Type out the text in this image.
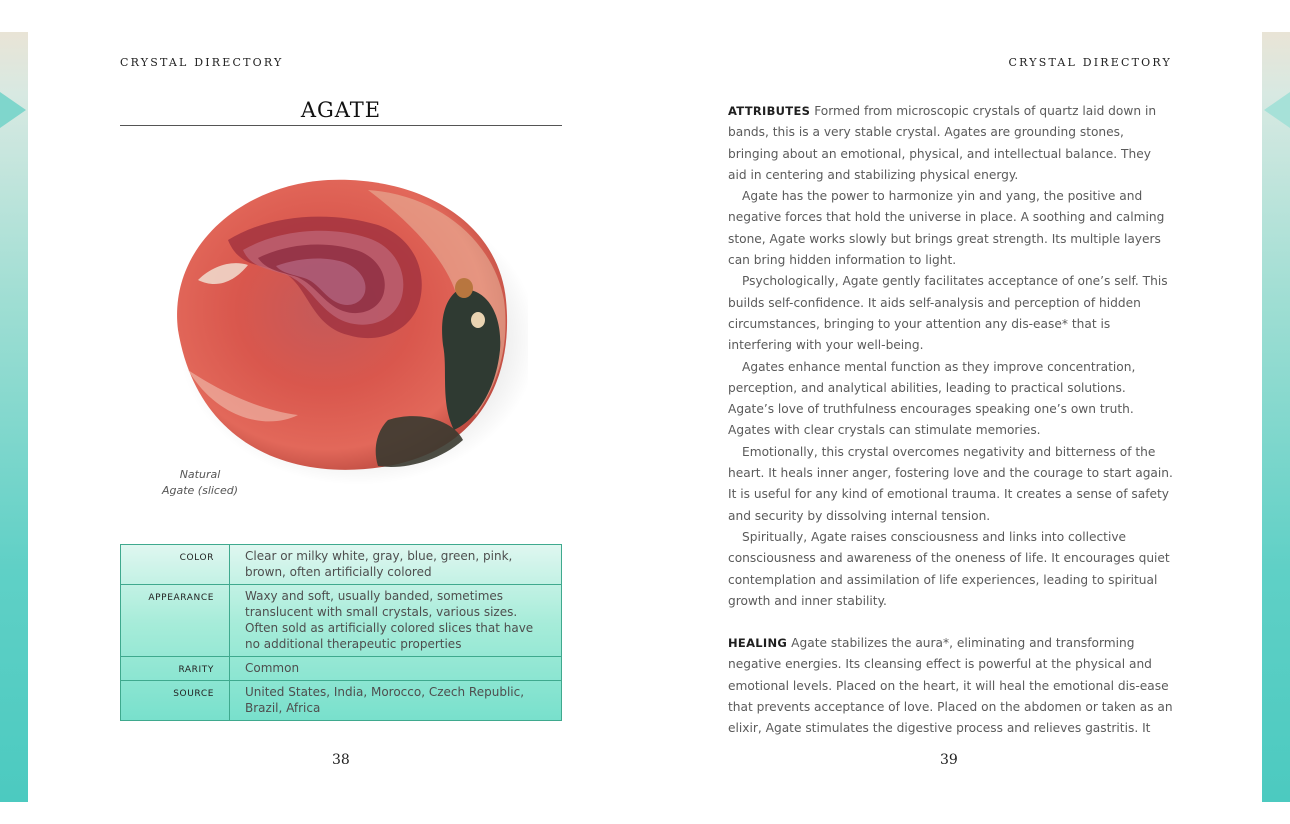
CRYSTAL DIRECTORY	CRYSTAL DIRECTORY
AGATE
Natural
Agate (sliced)
COLOR	Clear or milky white, gray, blue, green, pink, brown, often artificially colored
APPEARANCE	Waxy and soft, usually banded, sometimes translucent with small crystals, various sizes. Often sold as artificially colored slices that have no additional therapeutic properties
RARITY	Common
SOURCE	United States, India, Morocco, Czech Republic, Brazil, Africa
38	39

ATTRIBUTES Formed from microscopic crystals of quartz laid down in bands, this is a very stable crystal. Agates are grounding stones, bringing about an emotional, physical, and intellectual balance. They aid in centering and stabilizing physical energy.

Agate has the power to harmonize yin and yang, the positive and negative forces that hold the universe in place. A soothing and calming stone, Agate works slowly but brings great strength. Its multiple layers can bring hidden information to light.

Psychologically, Agate gently facilitates acceptance of one’s self. This builds self-confidence. It aids self-analysis and perception of hidden circumstances, bringing to your attention any dis-ease* that is interfering with your well-being.

Agates enhance mental function as they improve concentration, perception, and analytical abilities, leading to practical solutions. Agate’s love of truthfulness encourages speaking one’s own truth. Agates with clear crystals can stimulate memories.

Emotionally, this crystal overcomes negativity and bitterness of the heart. It heals inner anger, fostering love and the courage to start again. It is useful for any kind of emotional trauma. It creates a sense of safety and security by dissolving internal tension.

Spiritually, Agate raises consciousness and links into collective consciousness and awareness of the oneness of life. It encourages quiet contemplation and assimilation of life experiences, leading to spiritual growth and inner stability.

HEALING Agate stabilizes the aura*, eliminating and transforming negative energies. Its cleansing effect is powerful at the physical and emotional levels. Placed on the heart, it will heal the emotional dis-ease that prevents acceptance of love. Placed on the abdomen or taken as an elixir, Agate stimulates the digestive process and relieves gastritis. It
